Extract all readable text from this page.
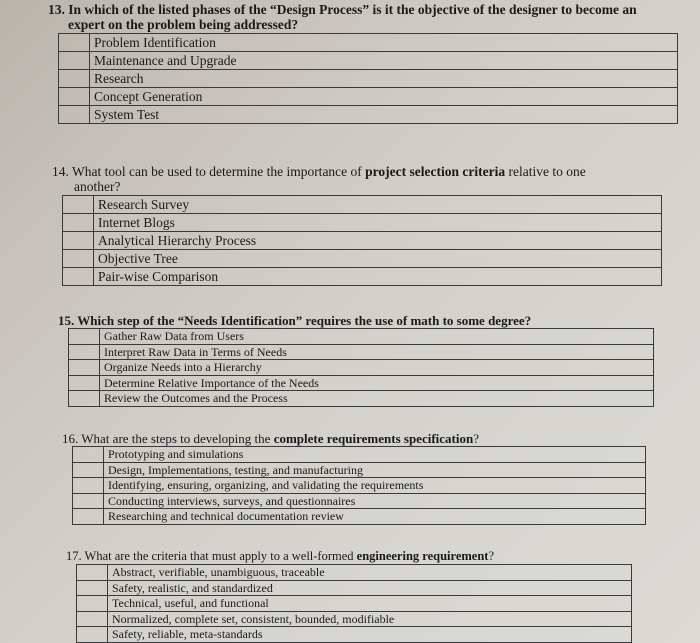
13. In which of the listed phases of the “Design Process” is it the objective of the designer to become an
expert on the problem being addressed?
	Problem Identification
	Maintenance and Upgrade
	Research
	Concept Generation
	System Test
14. What tool can be used to determine the importance of project selection criteria relative to one
another?
	Research Survey
	Internet Blogs
	Analytical Hierarchy Process
	Objective Tree
	Pair-wise Comparison
15. Which step of the “Needs Identification” requires the use of math to some degree?
	Gather Raw Data from Users
	Interpret Raw Data in Terms of Needs
	Organize Needs into a Hierarchy
	Determine Relative Importance of the Needs
	Review the Outcomes and the Process
16. What are the steps to developing the complete requirements specification?
	Prototyping and simulations
	Design, Implementations, testing, and manufacturing
	Identifying, ensuring, organizing, and validating the requirements
	Conducting interviews, surveys, and questionnaires
	Researching and technical documentation review
17. What are the criteria that must apply to a well-formed engineering requirement?
	Abstract, verifiable, unambiguous, traceable
	Safety, realistic, and standardized
	Technical, useful, and functional
	Normalized, complete set, consistent, bounded, modifiable
	Safety, reliable, meta-standards
